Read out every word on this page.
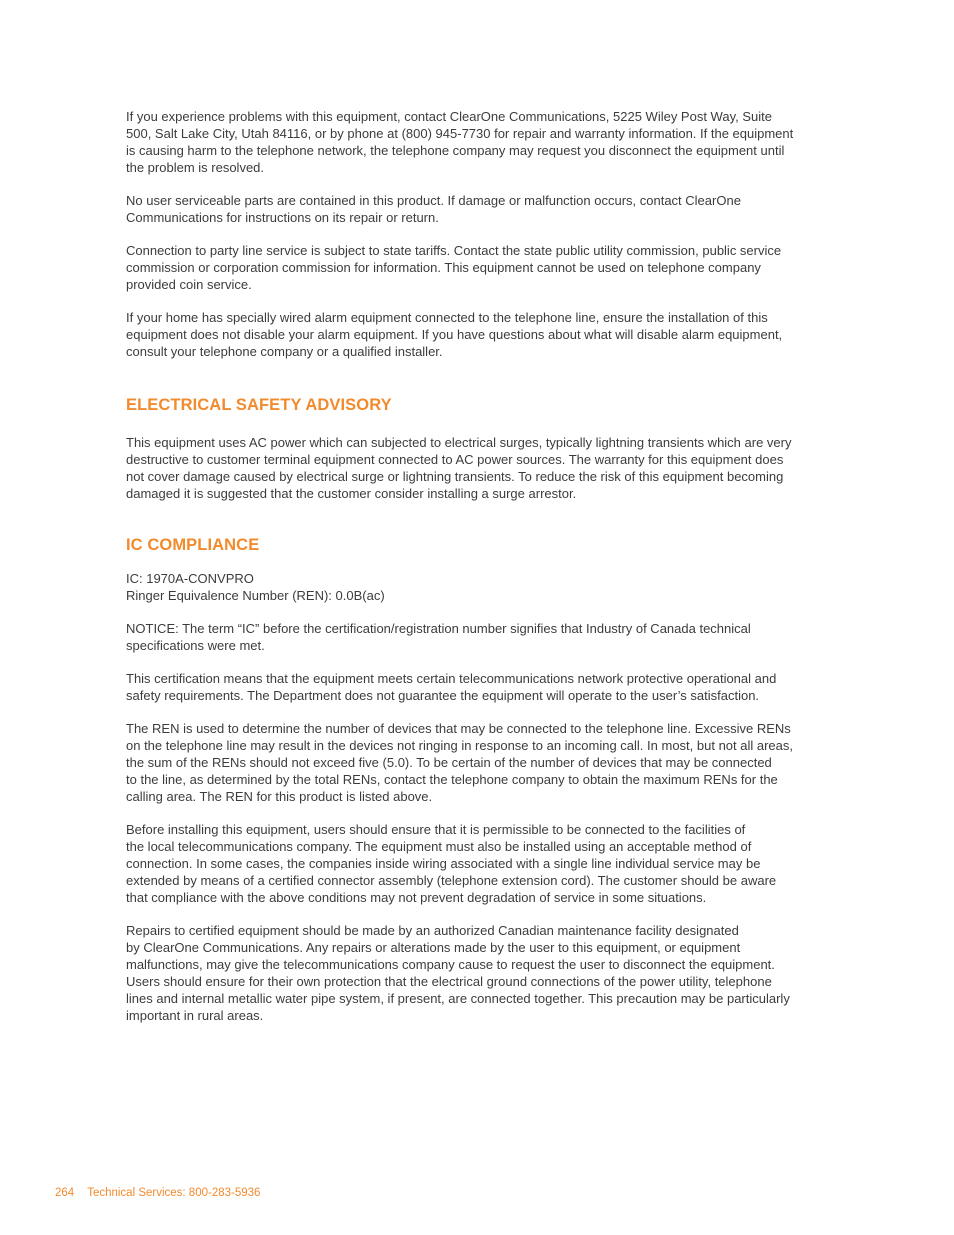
If you experience problems with this equipment, contact ClearOne Communications, 5225 Wiley Post Way, Suite
500, Salt Lake City, Utah 84116, or by phone at (800) 945-7730 for repair and warranty information. If the equipment
is causing harm to the telephone network, the telephone company may request you disconnect the equipment until
the problem is resolved.

No user serviceable parts are contained in this product. If damage or malfunction occurs, contact ClearOne
Communications for instructions on its repair or return.

Connection to party line service is subject to state tariffs. Contact the state public utility commission, public service
commission or corporation commission for information. This equipment cannot be used on telephone company
provided coin service.

If your home has specially wired alarm equipment connected to the telephone line, ensure the installation of this
equipment does not disable your alarm equipment. If you have questions about what will disable alarm equipment,
consult your telephone company or a qualified installer.

ELECTRICAL SAFETY ADVISORY

This equipment uses AC power which can subjected to electrical surges, typically lightning transients which are very
destructive to customer terminal equipment connected to AC power sources. The warranty for this equipment does
not cover damage caused by electrical surge or lightning transients. To reduce the risk of this equipment becoming
damaged it is suggested that the customer consider installing a surge arrestor.

IC COMPLIANCE

IC: 1970A-CONVPRO
Ringer Equivalence Number (REN): 0.0B(ac)

NOTICE: The term “IC” before the certification/registration number signifies that Industry of Canada technical
specifications were met.

This certification means that the equipment meets certain telecommunications network protective operational and
safety requirements. The Department does not guarantee the equipment will operate to the user’s satisfaction.

The REN is used to determine the number of devices that may be connected to the telephone line. Excessive RENs
on the telephone line may result in the devices not ringing in response to an incoming call. In most, but not all areas,
the sum of the RENs should not exceed five (5.0). To be certain of the number of devices that may be connected
to the line, as determined by the total RENs, contact the telephone company to obtain the maximum RENs for the
calling area. The REN for this product is listed above.

Before installing this equipment, users should ensure that it is permissible to be connected to the facilities of
the local telecommunications company. The equipment must also be installed using an acceptable method of
connection. In some cases, the companies inside wiring associated with a single line individual service may be
extended by means of a certified connector assembly (telephone extension cord). The customer should be aware
that compliance with the above conditions may not prevent degradation of service in some situations.

Repairs to certified equipment should be made by an authorized Canadian maintenance facility designated
by ClearOne Communications. Any repairs or alterations made by the user to this equipment, or equipment
malfunctions, may give the telecommunications company cause to request the user to disconnect the equipment.
Users should ensure for their own protection that the electrical ground connections of the power utility, telephone
lines and internal metallic water pipe system, if present, are connected together. This precaution may be particularly
important in rural areas.

264 Technical Services: 800-283-5936
